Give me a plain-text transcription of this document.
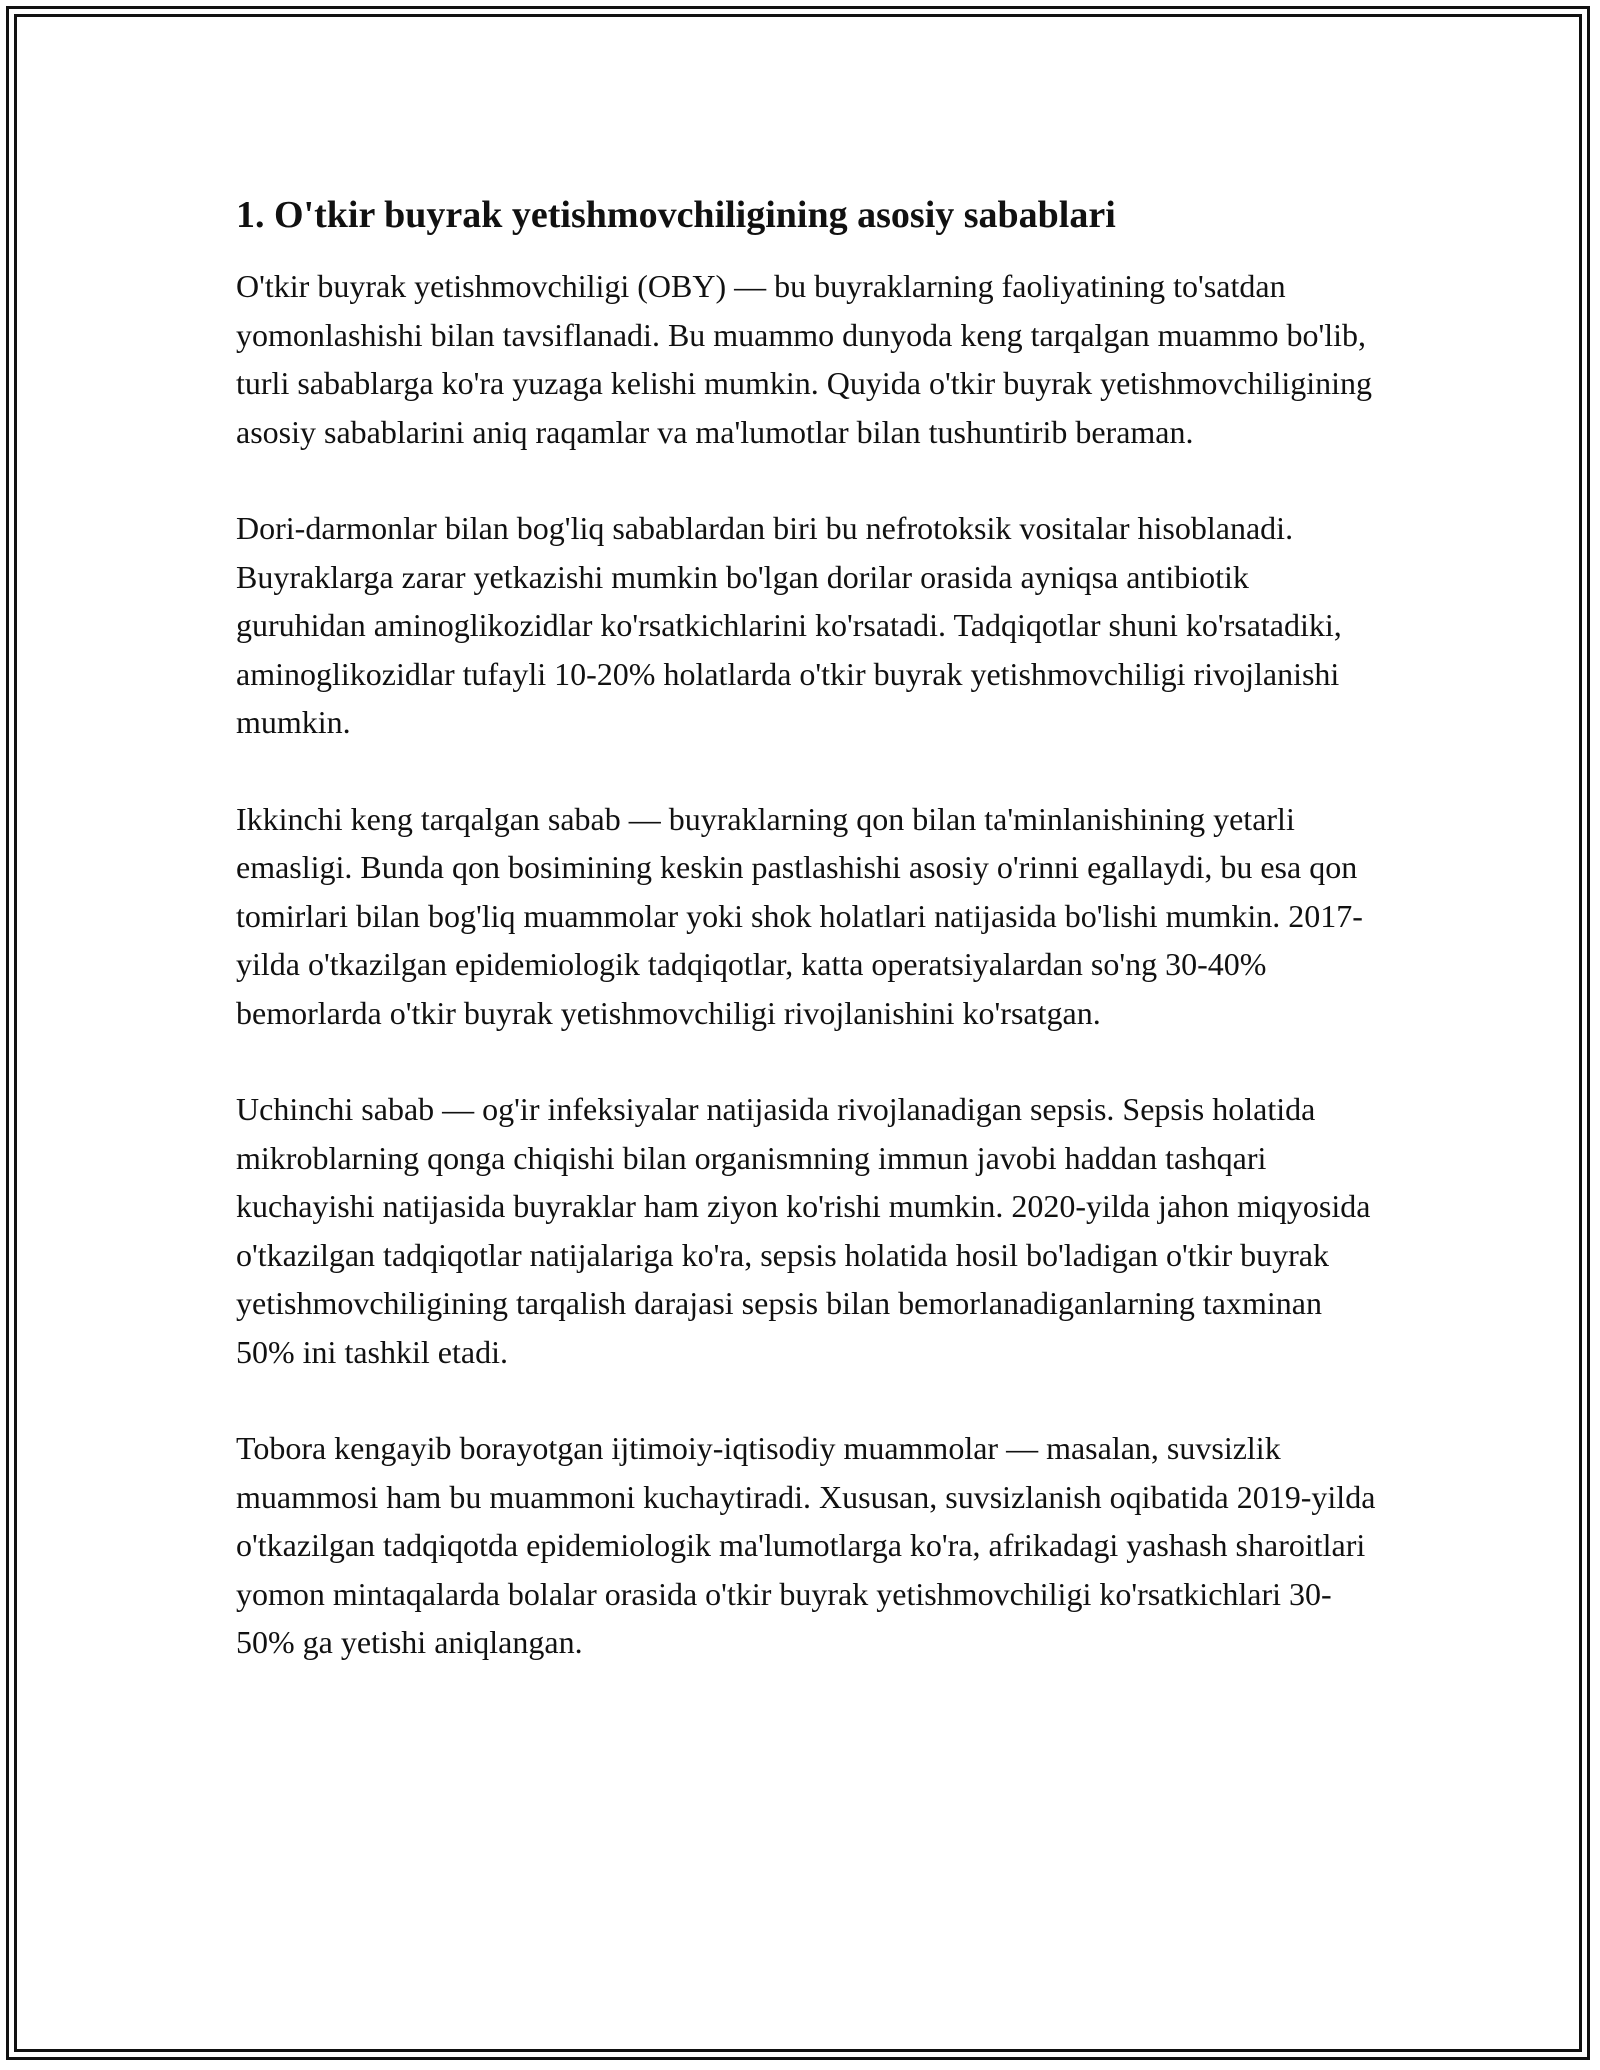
1. O'tkir buyrak yetishmovchiligining asosiy sabablari

O'tkir buyrak yetishmovchiligi (OBY) — bu buyraklarning faoliyatining to'satdan yomonlashishi bilan tavsiflanadi. Bu muammo dunyoda keng tarqalgan muammo bo'lib, turli sabablarga ko'ra yuzaga kelishi mumkin. Quyida o'tkir buyrak yetishmovchiligining asosiy sabablarini aniq raqamlar va ma'lumotlar bilan tushuntirib beraman.

Dori-darmonlar bilan bog'liq sabablardan biri bu nefrotoksik vositalar hisoblanadi. Buyraklarga zarar yetkazishi mumkin bo'lgan dorilar orasida ayniqsa antibiotik guruhidan aminoglikozidlar ko'rsatkichlarini ko'rsatadi. Tadqiqotlar shuni ko'rsatadiki, aminoglikozidlar tufayli 10-20% holatlarda o'tkir buyrak yetishmovchiligi rivojlanishi mumkin.

Ikkinchi keng tarqalgan sabab — buyraklarning qon bilan ta'minlanishining yetarli emasligi. Bunda qon bosimining keskin pastlashishi asosiy o'rinni egallaydi, bu esa qon tomirlari bilan bog'liq muammolar yoki shok holatlari natijasida bo'lishi mumkin. 2017-yilda o'tkazilgan epidemiologik tadqiqotlar, katta operatsiyalardan so'ng 30-40% bemorlarda o'tkir buyrak yetishmovchiligi rivojlanishini ko'rsatgan.

Uchinchi sabab — og'ir infeksiyalar natijasida rivojlanadigan sepsis. Sepsis holatida mikroblarning qonga chiqishi bilan organismning immun javobi haddan tashqari kuchayishi natijasida buyraklar ham ziyon ko'rishi mumkin. 2020-yilda jahon miqyosida o'tkazilgan tadqiqotlar natijalariga ko'ra, sepsis holatida hosil bo'ladigan o'tkir buyrak yetishmovchiligining tarqalish darajasi sepsis bilan bemorlanadiganlarning taxminan 50% ini tashkil etadi.

Tobora kengayib borayotgan ijtimoiy-iqtisodiy muammolar — masalan, suvsizlik muammosi ham bu muammoni kuchaytiradi. Xususan, suvsizlanish oqibatida 2019-yilda o'tkazilgan tadqiqotda epidemiologik ma'lumotlarga ko'ra, afrikadagi yashash sharoitlari yomon mintaqalarda bolalar orasida o'tkir buyrak yetishmovchiligi ko'rsatkichlari 30-50% ga yetishi aniqlangan.
